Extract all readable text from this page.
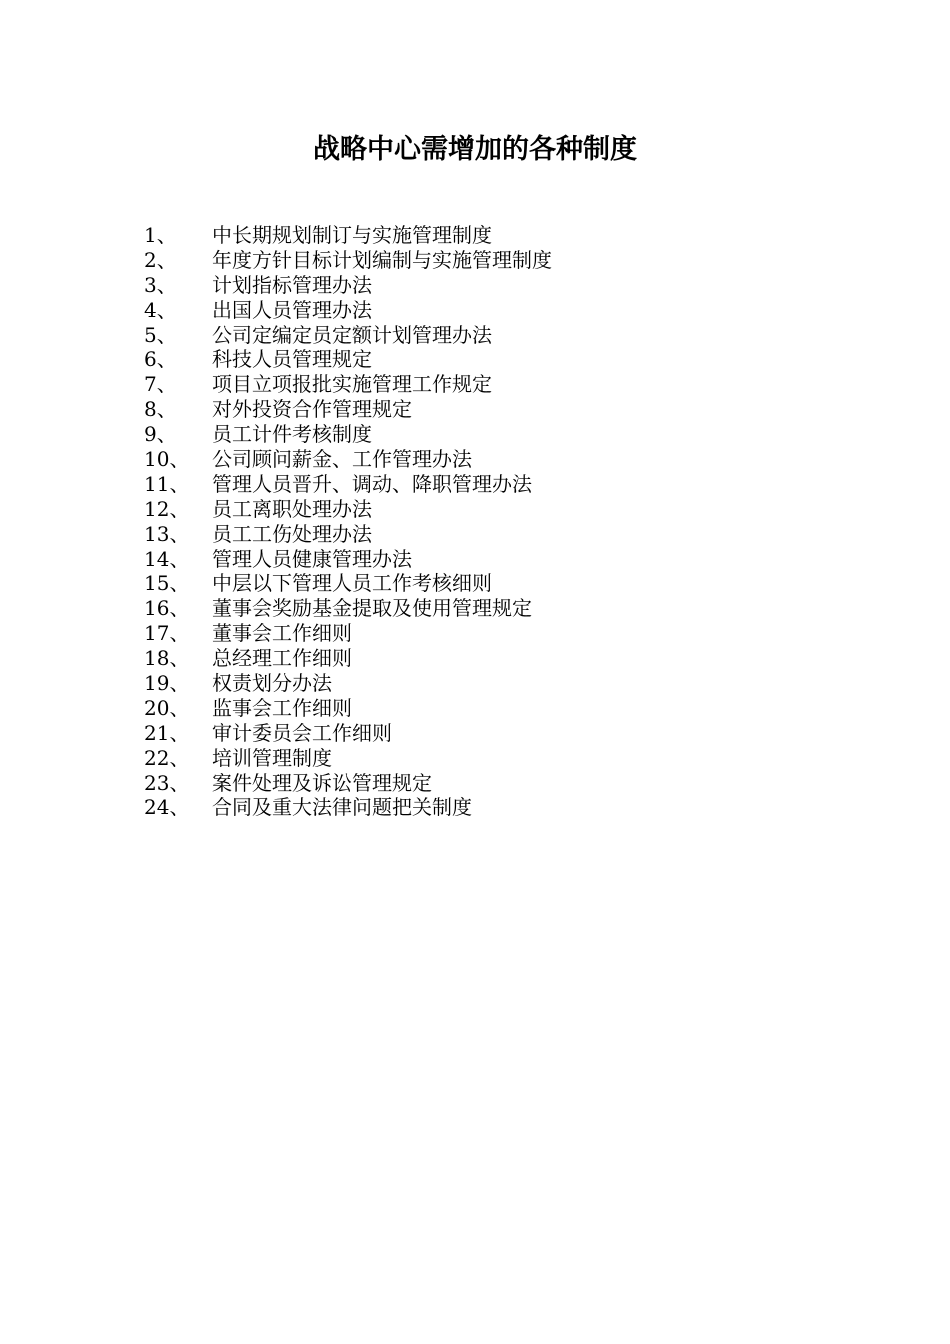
战略中心需增加的各种制度
1、	中长期规划制订与实施管理制度
2、	年度方针目标计划编制与实施管理制度
3、	计划指标管理办法
4、	出国人员管理办法
5、	公司定编定员定额计划管理办法
6、	科技人员管理规定
7、	项目立项报批实施管理工作规定
8、	对外投资合作管理规定
9、	员工计件考核制度
10、	公司顾问薪金、工作管理办法
11、	管理人员晋升、调动、降职管理办法
12、	员工离职处理办法
13、	员工工伤处理办法
14、	管理人员健康管理办法
15、	中层以下管理人员工作考核细则
16、	董事会奖励基金提取及使用管理规定
17、	董事会工作细则
18、	总经理工作细则
19、	权责划分办法
20、	监事会工作细则
21、	审计委员会工作细则
22、	培训管理制度
23、	案件处理及诉讼管理规定
24、	合同及重大法律问题把关制度
